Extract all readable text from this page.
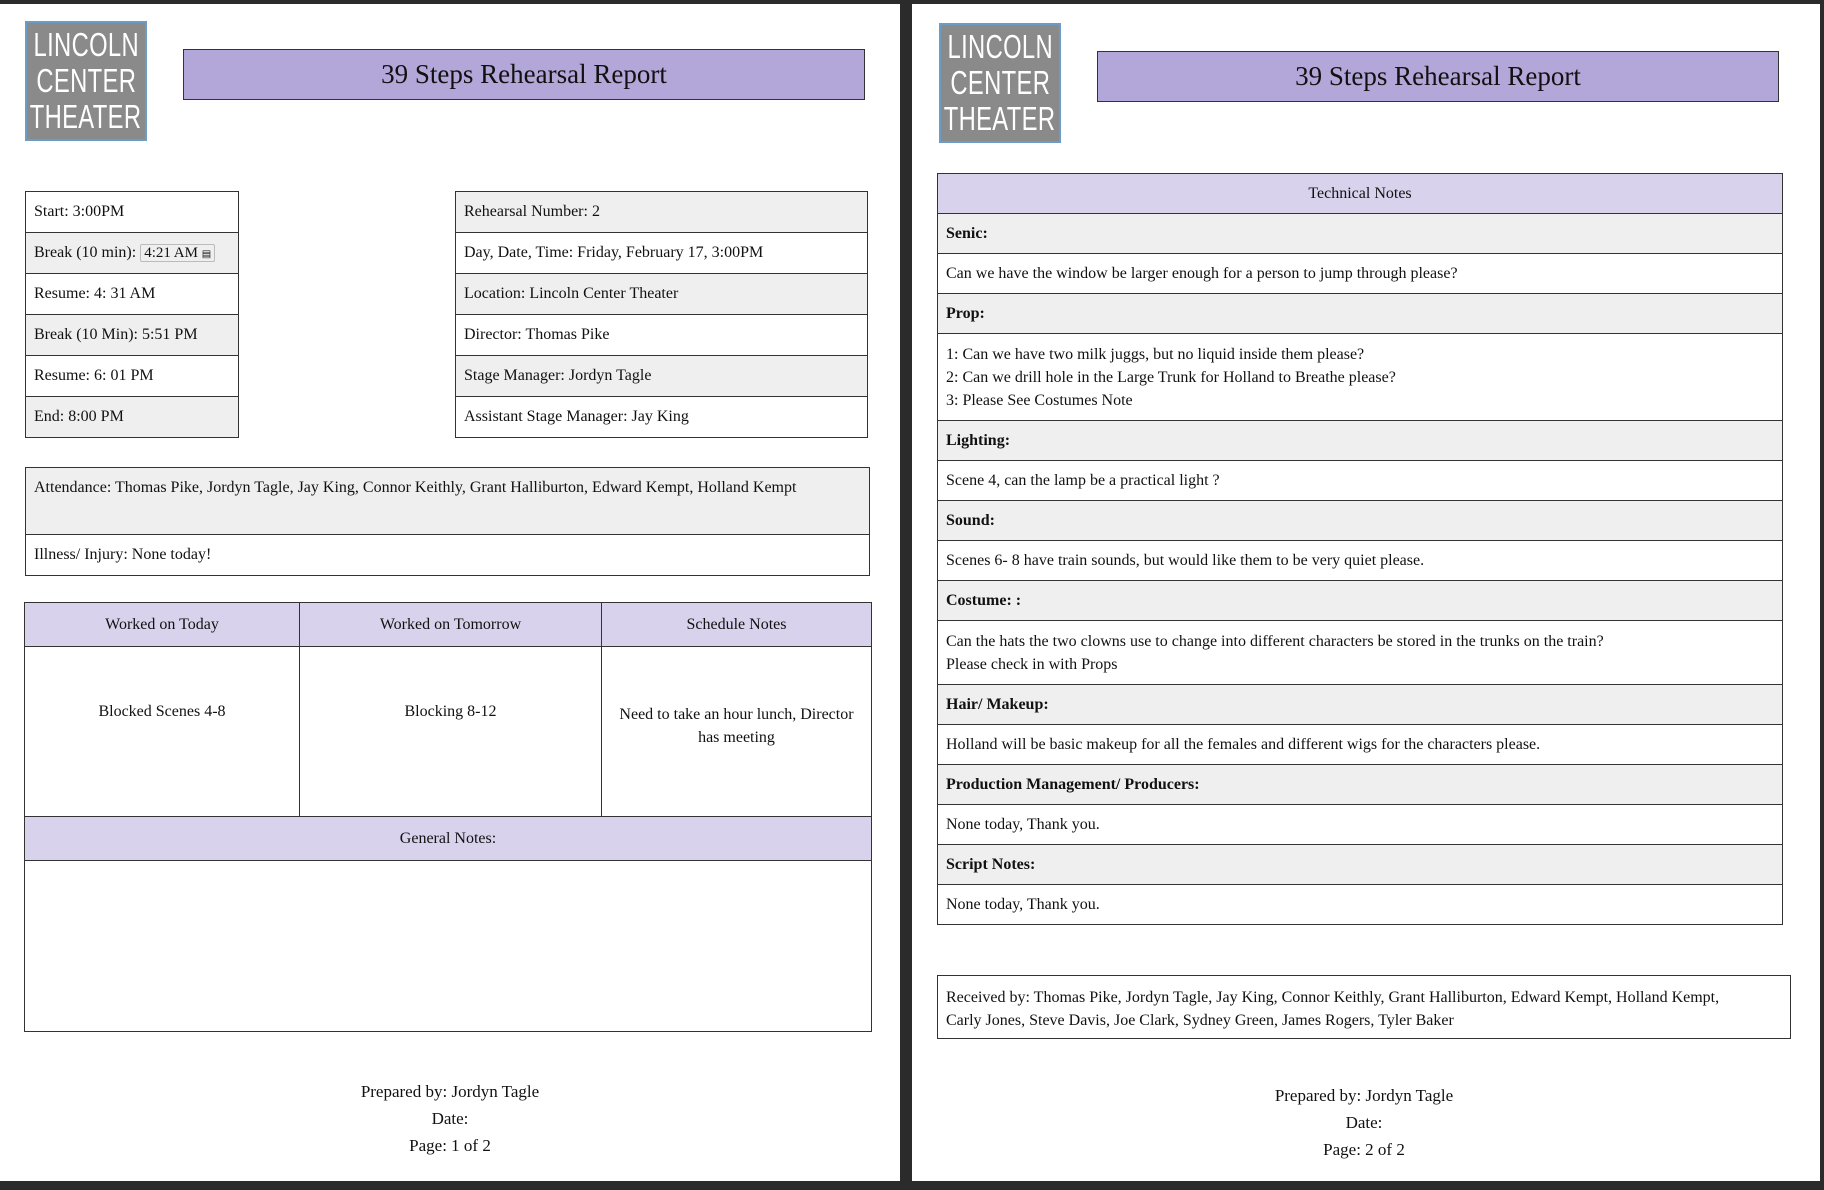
LINCOLN
CENTER
THEATER
39 Steps Rehearsal Report
Start: 3:00PM
Break (10 min): 4:21 AM ▤
Resume: 4: 31 AM
Break (10 Min): 5:51 PM
Resume: 6: 01 PM
End: 8:00 PM
Rehearsal Number: 2
Day, Date, Time: Friday, February 17, 3:00PM
Location: Lincoln Center Theater
Director: Thomas Pike
Stage Manager: Jordyn Tagle
Assistant Stage Manager: Jay King
Attendance: Thomas Pike, Jordyn Tagle, Jay King, Connor Keithly, Grant Halliburton, Edward Kempt, Holland Kempt
Illness/ Injury: None today!
Worked on Today	Worked on Tomorrow	Schedule Notes
Blocked Scenes 4-8	Blocking 8-12	Need to take an hour lunch, Director has meeting
General Notes:		

Prepared by: Jordyn Tagle
Date:
Page: 1 of 2
LINCOLN
CENTER
THEATER
39 Steps Rehearsal Report
Technical Notes
Senic:
Can we have the window be larger enough for a person to jump through please?
Prop:

1: Can we have two milk juggs, but no liquid inside them please?
2: Can we drill hole in the Large Trunk for Holland to Breathe please?
3: Please See Costumes Note

Lighting:
Scene 4, can the lamp be a practical light ?
Sound:
Scenes 6- 8 have train sounds, but would like them to be very quiet please.
Costume: :

Can the hats the two clowns use to change into different characters be stored in the trunks on the train?
Please check in with Props

Hair/ Makeup:
Holland will be basic makeup for all the females and different wigs for the characters please.
Production Management/ Producers:
None today, Thank you.
Script Notes:
None today, Thank you.
Received by: Thomas Pike, Jordyn Tagle, Jay King, Connor Keithly, Grant Halliburton, Edward Kempt, Holland Kempt,
Carly Jones, Steve Davis, Joe Clark, Sydney Green, James Rogers, Tyler Baker
Prepared by: Jordyn Tagle
Date:
Page: 2 of 2
